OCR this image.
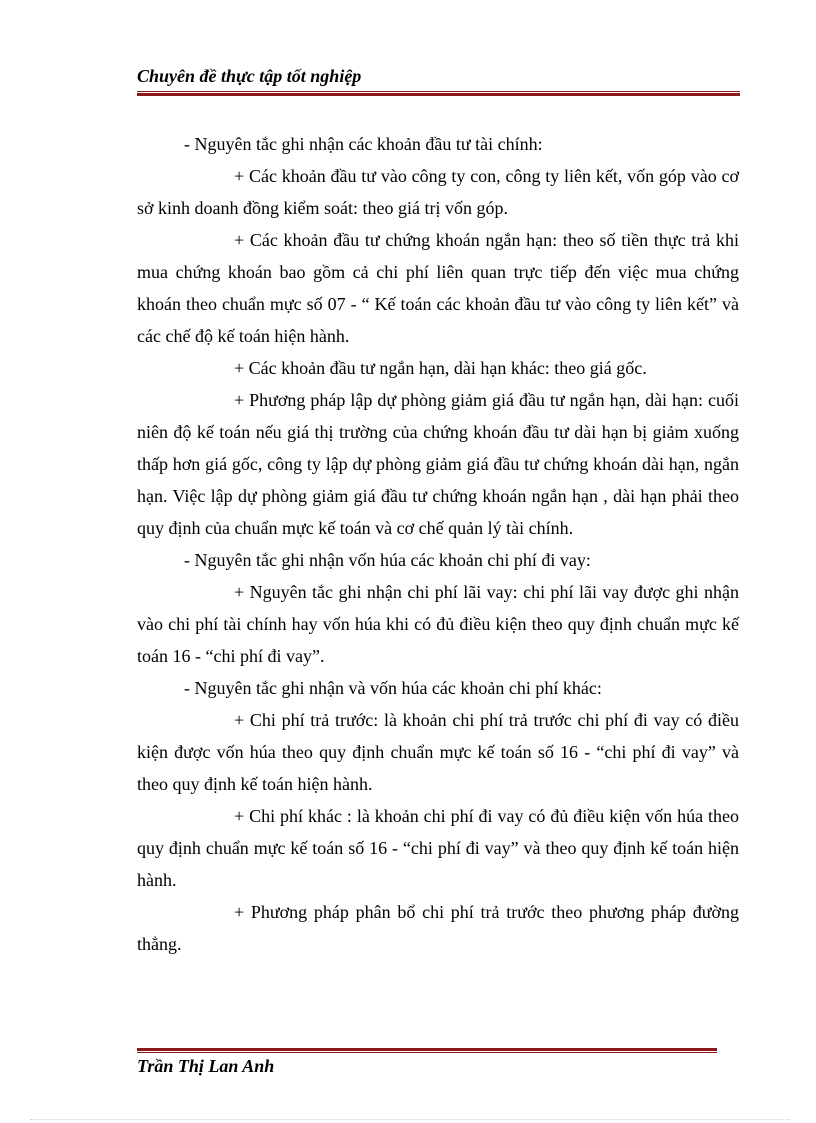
Chuyên đề thực tập tốt nghiệp

- Nguyên tắc ghi nhận các khoản đầu tư tài chính:

+ Các khoản đầu tư vào công ty con, công ty liên kết, vốn góp vào cơ sở kinh doanh đồng kiểm soát: theo giá trị vốn góp.

+ Các khoản đầu tư chứng khoán ngắn hạn: theo số tiền thực trả khi mua chứng khoán bao gồm cả chi phí liên quan trực tiếp đến việc mua chứng khoán theo chuẩn mực số 07 - “ Kế toán các khoản đầu tư vào công ty liên kết” và các chế độ kế toán hiện hành.

+ Các khoản đầu tư ngắn hạn, dài hạn khác: theo giá gốc.

+ Phương pháp lập dự phòng giảm giá đầu tư ngắn hạn, dài hạn: cuối niên độ kế toán nếu giá thị trường của chứng khoán đầu tư dài hạn bị giảm xuống thấp hơn giá gốc, công ty lập dự phòng giảm giá đầu tư chứng khoán dài hạn, ngắn hạn. Việc lập dự phòng giảm giá đầu tư chứng khoán ngắn hạn , dài hạn phải theo quy định của chuẩn mực kế toán và cơ chế quản lý tài chính.

- Nguyên tắc ghi nhận vốn húa các khoản chi phí đi vay:

+ Nguyên tắc ghi nhận chi phí lãi vay: chi phí lãi vay được ghi nhận vào chi phí tài chính hay vốn húa khi có đủ điều kiện theo quy định chuẩn mực kế toán 16 - “chi phí đi vay”.

- Nguyên tắc ghi nhận và vốn húa các khoản chi phí khác:

+ Chi phí trả trước: là khoản chi phí trả trước chi phí đi vay có điều kiện được vốn húa theo quy định chuẩn mực kế toán số 16 - “chi phí đi vay” và theo quy định kế toán hiện hành.

+ Chi phí khác : là khoản chi phí đi vay có đủ điều kiện vốn húa theo quy định chuẩn mực kế toán số 16 - “chi phí đi vay” và theo quy định kế toán hiện hành.

+ Phương pháp phân bổ chi phí trả trước theo phương pháp đường thẳng.

Trần Thị Lan Anh
